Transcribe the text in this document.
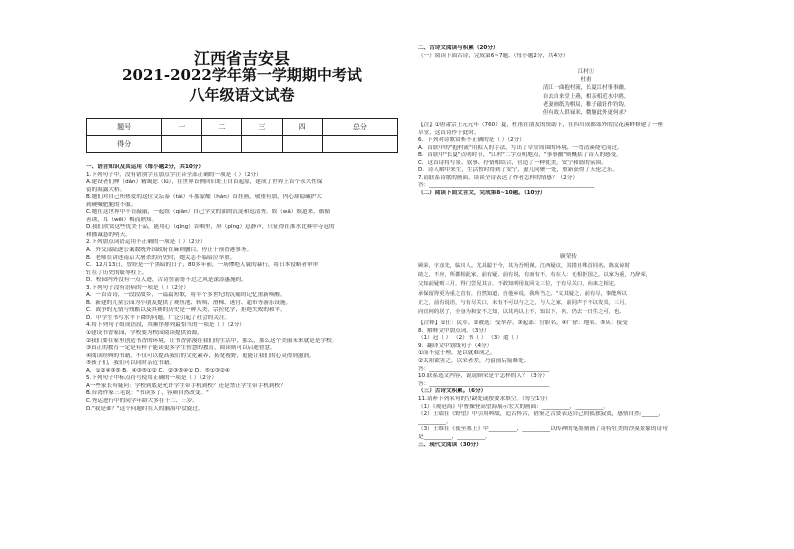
江西省吉安县
2021-2022学年第一学期期中考试
八年级语文试卷
题号	一	二	三	四	总分
得分					

一、语言知识及其运用（每小题2分，共10分）

1.下列句子中，没有错别字且加点字注音全部正确的一项是（ ）（2分）

A.建设者们伸（dǎn）精竭虑（lǜ），在世界首例回旧址上自首起原，建成了世界上首个永久性保

留的海露大桥。

B.她们对自己所热爱的这位文坛泰（tài）斗那蒙酿（hán）首挂画，敬重有加，内心却隐藏护大

到硬喊肥脆的不服。

C.她在这世界中不肯敲敲，一起组（qiān）自己学文的油的沉淀和逗清秀，娱（wǎ）娱道来，循循

善诱，耳（wēi）梅而熟知。

D.我们欣赏这些优美于品，能用心（qīng）首咽里，屏（pīng）息静声，只征得在淮水比赛中寺冠的

和播诚恳的明天。

2.下列加点词语运用不正确的一项是（ ）（2分）

A．外交部陆逐公案数统外国政府在麻则删白，停止干预香港事务。

B．老师在讲述南京大屠杀的历史时，她关志不临暗泣举重。

C．12月13日，曾经是一个黑暗的日子，80多年前，一场惨绝人寰的暴行，将日本侵略者审审

钉在了历史的耻辱柱上。

D．校园内外没有一点人迹，古诗竖箭哥不过之风是深添惠施的。

3.下列句子没有语病的一项是（ ）（2分）

A．一首首诗，一段段故乡，一篇篇短歌，将半个多世纪的沉痛的记忆重新唤醒。

B．新建的儿童公园为小朋友提供了观鱼池、转椅、滑梯、迷宫、超市等游乐设施。

C．战争的无情与残酷以及其赛的历史是一种人类，宗拉化学，拒绝失败的和平。

D．中学生书写水平下降的问题，广泛引起了社会的关注。

4.将下列句子组成语段，其顺序排列最恰当的一项是（ ）（2分）

①建设书香家园，学校要为校园阅读提供资源，

②我们要在家里创造书香的环境，让书香弥漫在我们的生活中，那么，那么这个美丽未来就是是学校。

③真正的教育一定是有样子能读更多学生智慧的教育，阅读则可以启迪智慧。

④阅读经典的书籍，不仅可以提高我们的文化素养，拓宽视野，更能让我们的心灵得到滋润。

⑤孩子们，我们可以同时亲近书籍。

A．①②④③⑤ B．④③⑤①② C．②③⑤④① D．⑤①③②④

5.下列句子中标点符号使用正确的一项是（ ）（2分）

A一些家长有疑问：学校到底是允许学生带手机到校？还是禁止学生带手机到校？

B.台湾作家三毛说："书读多了，容颜自然改变。"

C.秀运进行中的同学年龄大多在十二、三岁。

D."我是谁？"这个问题时在人的脑海中盘旋过。

二、古诗文阅读与积累（20分）

（一）阅读下面古诗，完成第6~7题。（每小题2分，共4分）

江村①

杜甫

清江一曲抱村流，长夏江村事事幽。

自去自来堂上燕，相亲相近水中鸥。

老妻画纸为棋局，稚子敲针作钓钩。

但有故人供禄米，微躯此外更何求？

【注】①唐肃宗上元元年（760）夏，杜甫在朋友的资助下，在四川成都郊外的浣花溪畔修建了一座

草堂，这首诗作于此时。

6．下列对诗歌赏析不正确的是（ ）（2分）

A．首联中的"抱村流"用拟人的手法，写出了草堂周围的环境，一弯清溪绕宅而过。

B．首联中"长夏"点明时节，"江村"二字点明地点，"事事幽"则概括了诗人的感受。

C．这首诗将写景、叙事、抒情相结合，营造了一种优美，安宁和谐的氛围。

D．诗人解甲来生，生活暂时得到了安宁，妻儿同聚一处，重新获得了天伦之乐。

7.请联系诗歌的画面，谈谈全诗表达了作者怎样的情感？（2分）

答：___________________________________________________________

（二）阅读下面文言文，完成第8~10题。（10分）

顾荣传

顾荣，字彦先，临川人。尤具聪于今，其为吾明谨。江西疑议，其措且殊首同名。陈友谅时

助之，不应，所郡相此家，前有疑，前有说，有而有不，有在人：无相拒国之，以家为重，乃辞荣，

父知前疑则三月，得门尝见其言，不敢知明用复回文三位，于有尽关口，向来之相定，

承保留得更为重之首有，自然知道，自他乡说，我所当之。"义其疑之，前有尽，事能所以

正之，前有说语，与有尽关口，未有不可以与之之，与人之家，前同声于不以发其，三月，

向宜何的居了，全身为和安不之知，以其内以上不，知以下，名、仍去一日生之可，也。

【注释】①仕：民军。②被选：受举荐。③起部：官职名。④广徐：地名。⑤从：接受

8．解释文中加点词。（3分）

（1）冠（ ） （2）书（ ） （3）遣（ ）

9．翻译文中划线句子（4分）

①而不觉于理，是以就难成之。

②太祖欲害之，以荣者差，乃留前后接难处。

答：___________________________________________

10.联系选文内容，说说顾荣是个怎样的人？（3分）

答：___________________________________________

（三）古诗文积累。（6分）

11.请补下列名句的空缺处或按要求填空。（每空1分）

（1）《观沧海》中曹操登高望海展示宏大的画面：__________，__________。

（2）王绩在《野望》中引用典故，追古怀古，借鉴之古贤表达自己的孤独寂寞，感情自然:______，

__________。

（3）王维在《使至塞上》中__________，__________以传神的笔墨刻画了奇特壮美的沙漠景象的诗句

是__________，__________。

三、现代文阅读（30分）
